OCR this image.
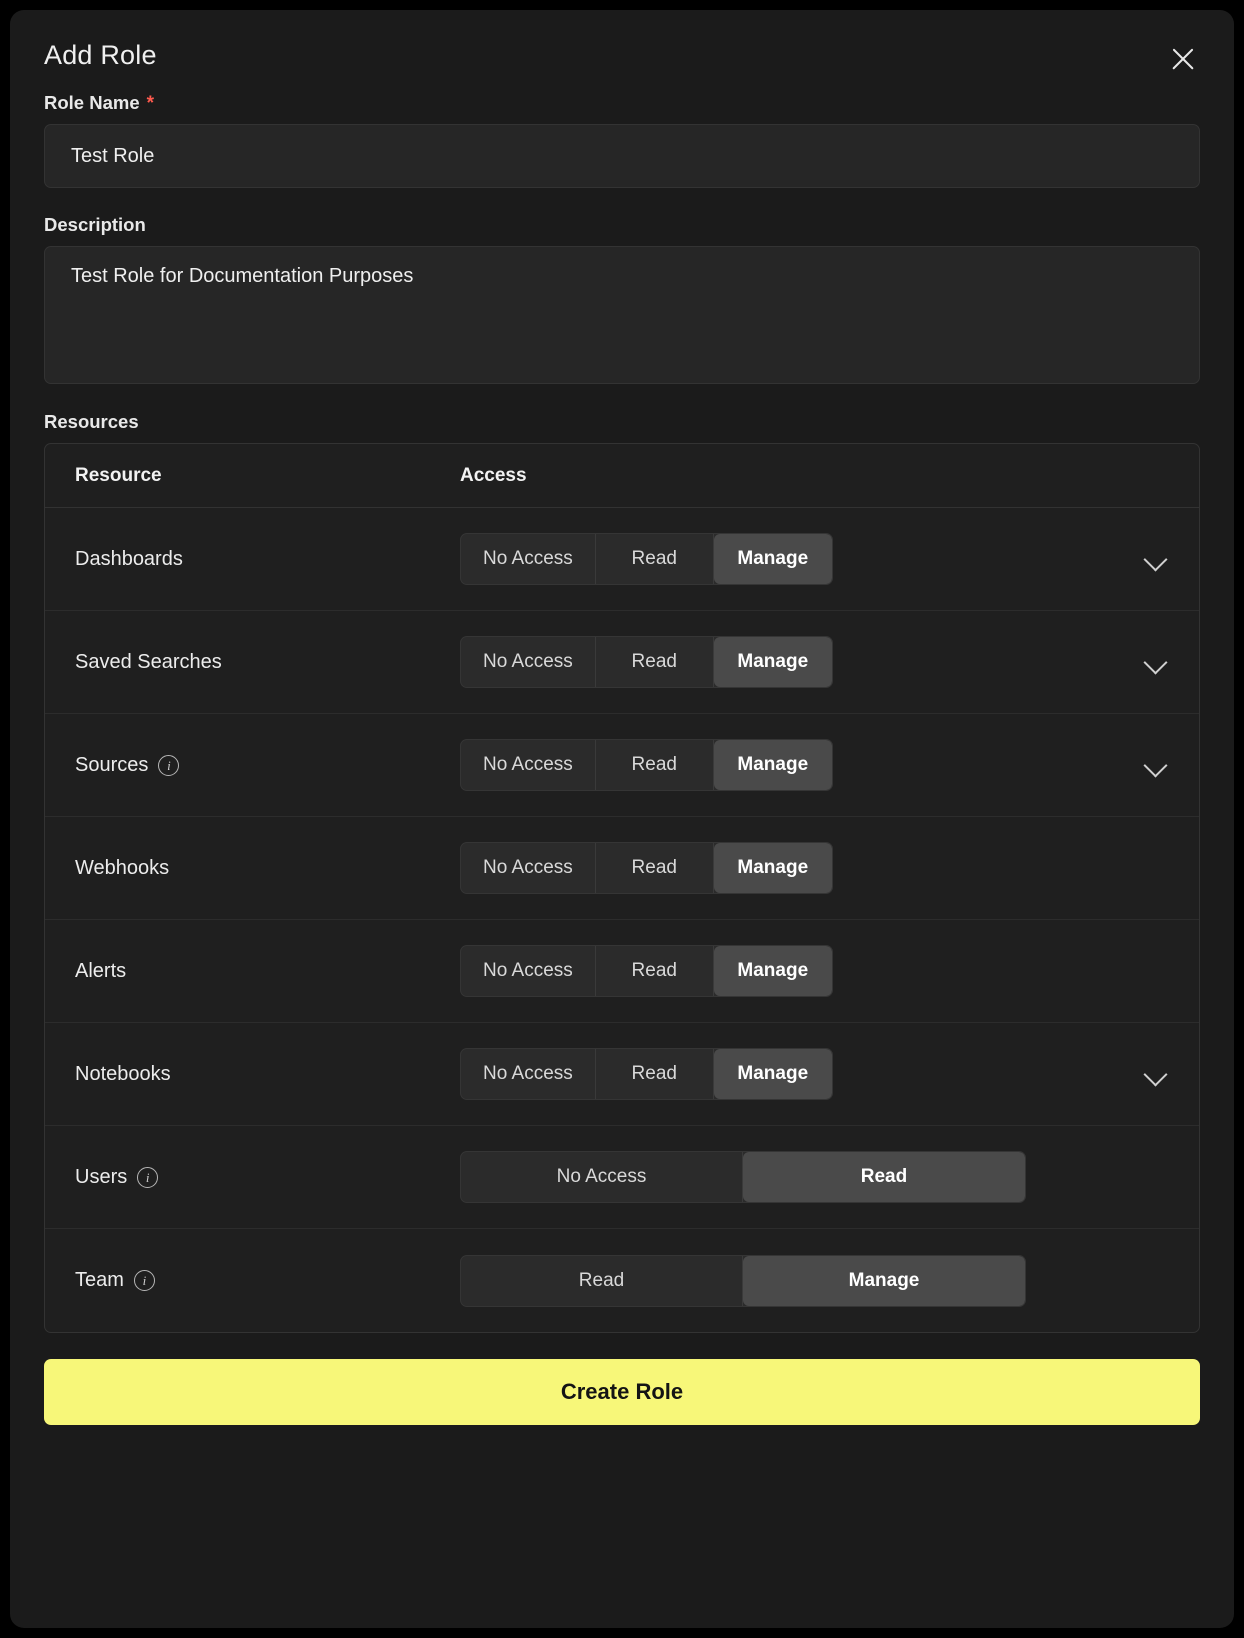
Add Role
Role Name *
Test Role
Description
Test Role for Documentation Purposes
Resources
Resource	Access
Dashboards	No Access	Read	Manage
Saved Searches	No Access	Read	Manage
Sources	i	No Access	Read	Manage
Webhooks	No Access	Read	Manage
Alerts	No Access	Read	Manage
Notebooks	No Access	Read	Manage
Users	i	No Access	Read
Team	i	Read	Manage
Create Role
